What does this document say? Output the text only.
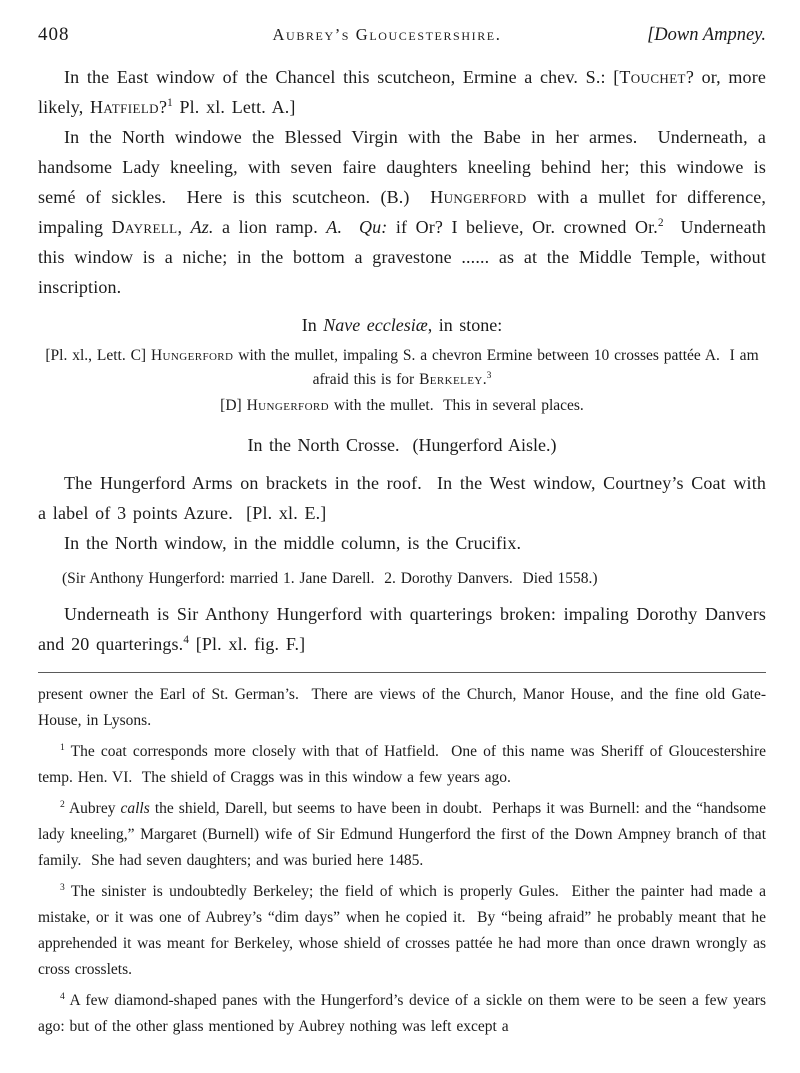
408	Aubrey’s Gloucestershire.	[Down Ampney.

In the East window of the Chancel this scutcheon, Ermine a chev. S.: [Touchet? or, more likely, Hatfield?$^1$ Pl. xl. Lett. A.]

In the North windowe the Blessed Virgin with the Babe in her armes.  Underneath, a handsome Lady kneeling, with seven faire daughters kneeling behind her; this windowe is semé of sickles.  Here is this scutcheon. (B.)  Hungerford with a mullet for difference, impaling Dayrell, Az. a lion ramp. A. Qu: if Or? I believe, Or. crowned Or.$^2$  Underneath this window is a niche; in the bottom a gravestone ...... as at the Middle Temple, without inscription.

In Nave ecclesiæ, in stone:

[Pl. xl., Lett. C] Hungerford with the mullet, impaling S. a chevron Ermine between 10 crosses pattée A.  I am afraid this is for Berkeley.$^3$

[D] Hungerford with the mullet.  This in several places.

In the North Crosse.  (Hungerford Aisle.)

The Hungerford Arms on brackets in the roof.  In the West window, Courtney’s Coat with a label of 3 points Azure.  [Pl. xl. E.]

In the North window, in the middle column, is the Crucifix.

(Sir Anthony Hungerford: married 1. Jane Darell.  2. Dorothy Danvers.  Died 1558.)

Underneath is Sir Anthony Hungerford with quarterings broken: impaling Dorothy Danvers and 20 quarterings.$^4$ [Pl. xl. fig. F.]

present owner the Earl of St. German’s.  There are views of the Church, Manor House, and the fine old Gate-House, in Lysons.

$^1$ The coat corresponds more closely with that of Hatfield.  One of this name was Sheriff of Gloucestershire temp. Hen. VI.  The shield of Craggs was in this window a few years ago.

$^2$ Aubrey calls the shield, Darell, but seems to have been in doubt.  Perhaps it was Burnell: and the “handsome lady kneeling,” Margaret (Burnell) wife of Sir Edmund Hungerford the first of the Down Ampney branch of that family.  She had seven daughters; and was buried here 1485.

$^3$ The sinister is undoubtedly Berkeley; the field of which is properly Gules.  Either the painter had made a mistake, or it was one of Aubrey’s “dim days” when he copied it.  By “being afraid” he probably meant that he apprehended it was meant for Berkeley, whose shield of crosses pattée he had more than once drawn wrongly as cross crosslets.

$^4$ A few diamond-shaped panes with the Hungerford’s device of a sickle on them were to be seen a few years ago: but of the other glass mentioned by Aubrey nothing was left except a
